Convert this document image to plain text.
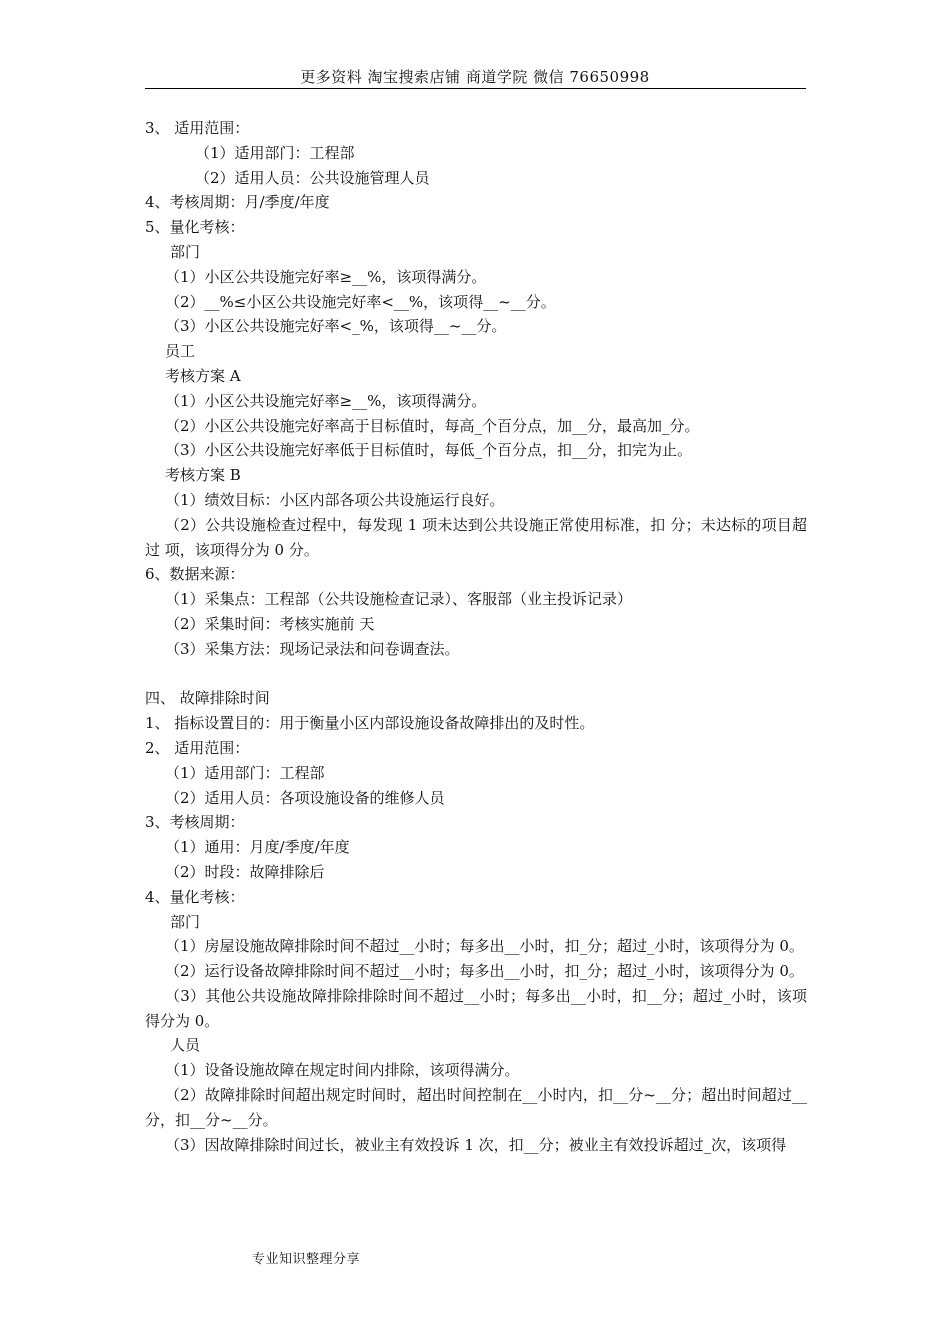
更多资料 淘宝搜索店铺 商道学院 微信 76650998
3、 适用范围：
（1）适用部门：工程部
（2）适用人员：公共设施管理人员
4、考核周期：月/季度/年度
5、量化考核：
部门
（1）小区公共设施完好率≥__%，该项得满分。
（2）__%≤小区公共设施完好率<__%，该项得__~__分。
（3）小区公共设施完好率<_%，该项得__~__分。
员工
考核方案 A
（1）小区公共设施完好率≥__%，该项得满分。
（2）小区公共设施完好率高于目标值时，每高_个百分点，加__分，最高加_分。
（3）小区公共设施完好率低于目标值时，每低_个百分点，扣__分，扣完为止。
考核方案 B
（1）绩效目标：小区内部各项公共设施运行良好。
（2）公共设施检查过程中，每发现 1 项未达到公共设施正常使用标准，扣 分；未达标的项目超过 项，该项得分为 0 分。
6、数据来源：
（1）采集点：工程部（公共设施检查记录）、客服部（业主投诉记录）
（2）采集时间：考核实施前 天
（3）采集方法：现场记录法和问卷调查法。
四、 故障排除时间
1、 指标设置目的：用于衡量小区内部设施设备故障排出的及时性。
2、 适用范围：
（1）适用部门：工程部
（2）适用人员：各项设施设备的维修人员
3、考核周期：
（1）通用：月度/季度/年度
（2）时段：故障排除后
4、量化考核：
部门
（1）房屋设施故障排除时间不超过__小时；每多出__小时，扣_分；超过_小时，该项得分为 0。
（2）运行设备故障排除时间不超过__小时；每多出__小时，扣_分；超过_小时，该项得分为 0。
（3）其他公共设施故障排除排除时间不超过__小时；每多出__小时，扣__分；超过_小时，该项得分为 0。
人员
（1）设备设施故障在规定时间内排除，该项得满分。
（2）故障排除时间超出规定时间时，超出时间控制在__小时内，扣__分~__分；超出时间超过__分，扣__分~__分。
（3）因故障排除时间过长，被业主有效投诉 1 次，扣__分；被业主有效投诉超过_次，该项得
专业知识整理分享
